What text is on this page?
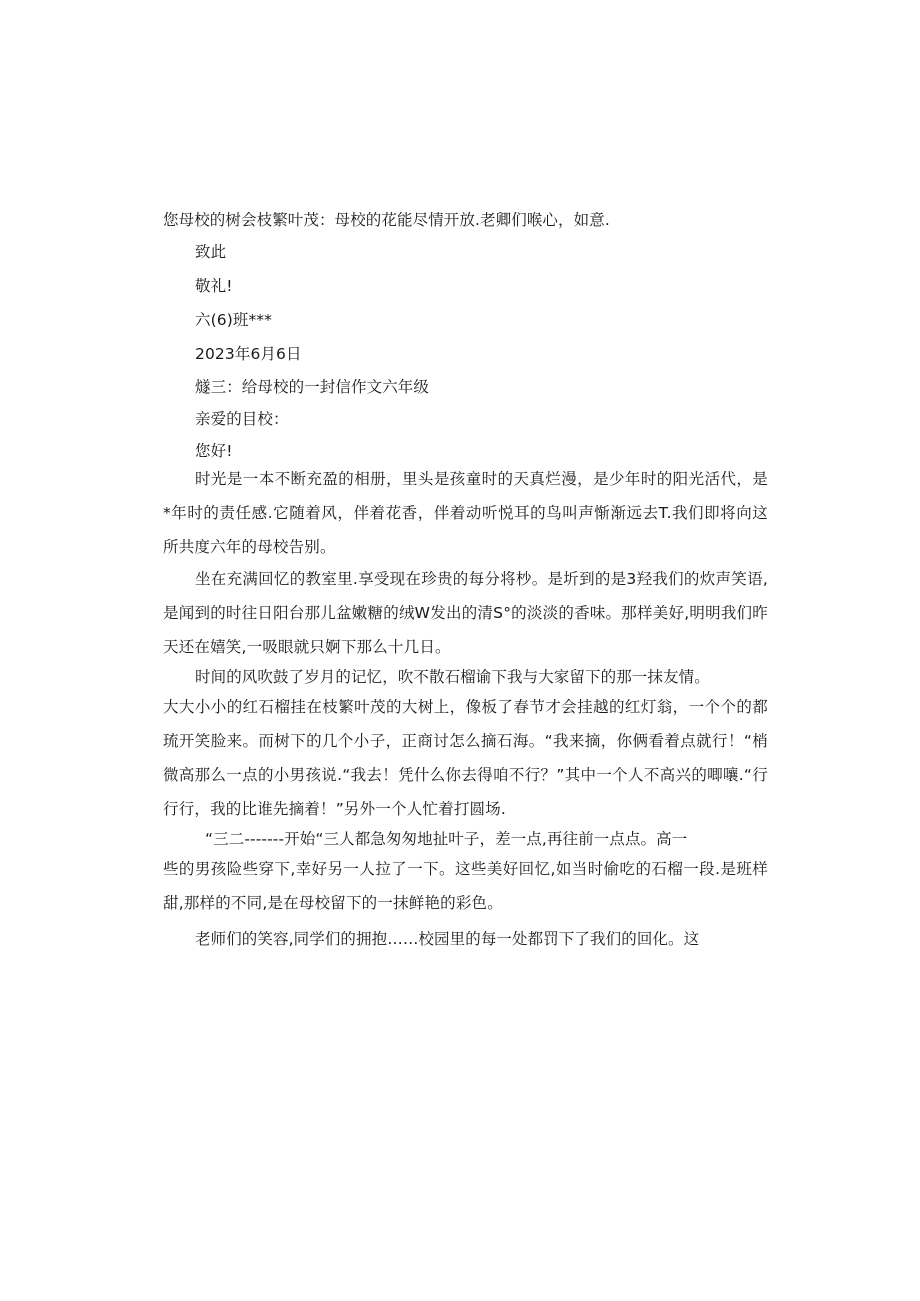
您母校的树会枝繁叶茂：母校的花能尽情开放.老卿们喉心，如意.
致此
敬礼!
六(6)班***
2023年6月6日
燧三：给母校的一封信作文六年级
亲爱的目校：
您好!
时光是一本不断充盈的相册，里头是孩童时的天真烂漫，是少年时的阳光活代，是*年时的责任感.它随着风，伴着花香，伴着动听悦耳的鸟叫声惭渐远去T.我们即将向这所共度六年的母校告别。
坐在充满回忆的教室里.享受现在珍贵的每分将杪。是圻到的是3羟我们的炊声笑语,是闻到的时往日阳台那儿盆嫩糖的绒W发出的清S°的淡淡的香味。那样美好,明明我们昨天还在嬉笑,一吸眼就只婀下那么十几日。
时间的风吹鼓了岁月的记忆，吹不散石榴谕下我与大家留下的那一抹友情。
大大小小的红石榴挂在枝繁叶茂的大树上，像板了春节才会挂越的红灯翁，一个个的都琉开笑脸来。而树下的几个小子，正商讨怎么摘石海。“我来摘，你俩看着点就行！“梢微高那么一点的小男孩说.“我去！凭什么你去得咱不行？”其中一个人不高兴的唧嚷.“行行行，我的比谁先摘着！”另外一个人忙着打圆场.
“三二-------开始“三人都急匆匆地扯叶子，差一点,再往前一点点。高一
些的男孩险些穿下,幸好另一人拉了一下。这些美好回忆,如当时偷吃的石榴一段.是班样甜,那样的不同,是在母校留下的一抹鲜艳的彩色。
老师们的笑容,同学们的拥抱……校园里的每一处都罚下了我们的回化。这
